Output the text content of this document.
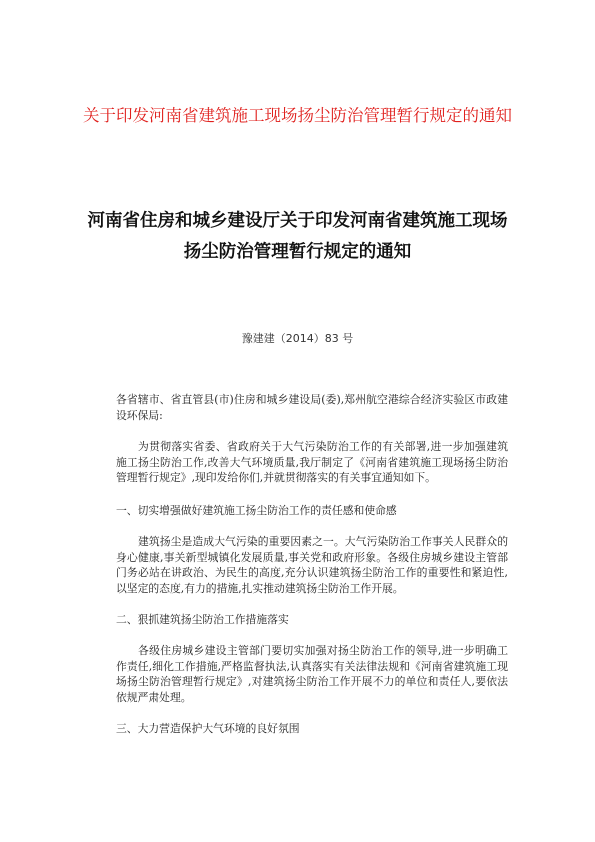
关于印发河南省建筑施工现场扬尘防治管理暂行规定的通知
河南省住房和城乡建设厅关于印发河南省建筑施工现场扬尘防治管理暂行规定的通知
豫建建（2014）83 号
各省辖市、省直管县(市)住房和城乡建设局(委),郑州航空港综合经济实验区市政建设环保局:
为贯彻落实省委、省政府关于大气污染防治工作的有关部署,进一步加强建筑施工扬尘防治工作,改善大气环境质量,我厅制定了《河南省建筑施工现场扬尘防治管理暂行规定》,现印发给你们,并就贯彻落实的有关事宜通知如下。
一、切实增强做好建筑施工扬尘防治工作的责任感和使命感
建筑扬尘是造成大气污染的重要因素之一。大气污染防治工作事关人民群众的身心健康,事关新型城镇化发展质量,事关党和政府形象。各级住房城乡建设主管部门务必站在讲政治、为民生的高度,充分认识建筑扬尘防治工作的重要性和紧迫性,以坚定的态度,有力的措施,扎实推动建筑扬尘防治工作开展。
二、狠抓建筑扬尘防治工作措施落实
各级住房城乡建设主管部门要切实加强对扬尘防治工作的领导,进一步明确工作责任,细化工作措施,严格监督执法,认真落实有关法律法规和《河南省建筑施工现场扬尘防治管理暂行规定》,对建筑扬尘防治工作开展不力的单位和责任人,要依法依规严肃处理。
三、大力营造保护大气环境的良好氛围
